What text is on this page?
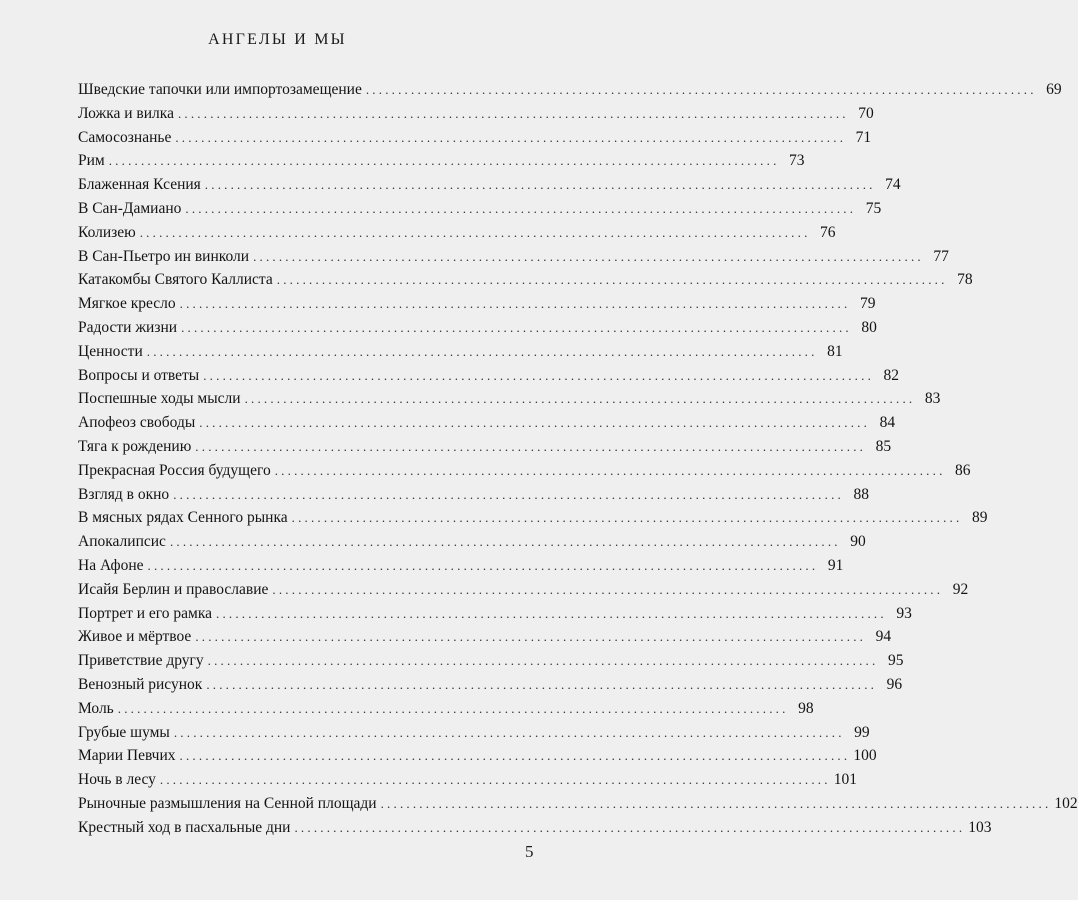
АНГЕЛЫ И МЫ
Шведские тапочки или импортозамещение ........................................................................................................ 69
Ложка и вилка ........................................................................................................ 70
Самосознанье ........................................................................................................ 71
Рим ........................................................................................................ 73
Блаженная Ксения ........................................................................................................ 74
В Сан-Дамиано ........................................................................................................ 75
Колизею ........................................................................................................ 76
В Сан-Пьетро ин винколи ........................................................................................................ 77
Катакомбы Святого Каллиста ........................................................................................................ 78
Мягкое кресло ........................................................................................................ 79
Радости жизни ........................................................................................................ 80
Ценности ........................................................................................................ 81
Вопросы и ответы ........................................................................................................ 82
Поспешные ходы мысли ........................................................................................................ 83
Апофеоз свободы ........................................................................................................ 84
Тяга к рождению ........................................................................................................ 85
Прекрасная Россия будущего ........................................................................................................ 86
Взгляд в окно ........................................................................................................ 88
В мясных рядах Сенного рынка ........................................................................................................ 89
Апокалипсис ........................................................................................................ 90
На Афоне ........................................................................................................ 91
Исайя Берлин и православие ........................................................................................................ 92
Портрет и его рамка ........................................................................................................ 93
Живое и мёртвое ........................................................................................................ 94
Приветствие другу ........................................................................................................ 95
Венозный рисунок ........................................................................................................ 96
Моль ........................................................................................................ 98
Грубые шумы ........................................................................................................ 99
Марии Певчих ........................................................................................................ 100
Ночь в лесу ........................................................................................................ 101
Рыночные размышления на Сенной площади ........................................................................................................ 102
Крестный ход в пасхальные дни ........................................................................................................ 103
5
